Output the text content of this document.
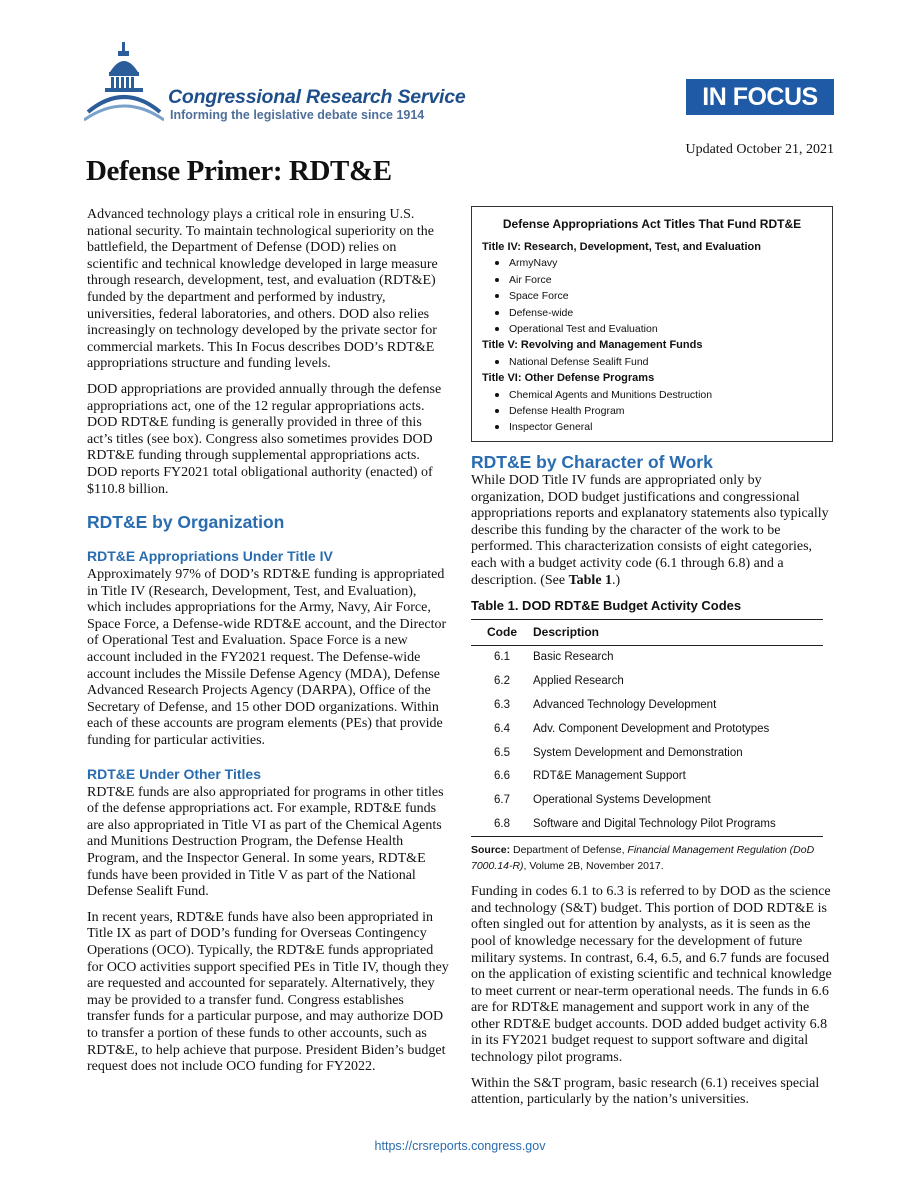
Congressional Research Service
Informing the legislative debate since 1914
IN FOCUS
Updated October 21, 2021
Defense Primer: RDT&E

Advanced technology plays a critical role in ensuring U.S. national security. To maintain technological superiority on the battlefield, the Department of Defense (DOD) relies on scientific and technical knowledge developed in large measure through research, development, test, and evaluation (RDT&E) funded by the department and performed by industry, universities, federal laboratories, and others. DOD also relies increasingly on technology developed by the private sector for commercial markets. This In Focus describes DOD’s RDT&E appropriations structure and funding levels.

DOD appropriations are provided annually through the defense appropriations act, one of the 12 regular appropriations acts. DOD RDT&E funding is generally provided in three of this act’s titles (see box). Congress also sometimes provides DOD RDT&E funding through supplemental appropriations acts. DOD reports FY2021 total obligational authority (enacted) of $110.8 billion.

RDT&E by Organization
RDT&E Appropriations Under Title IV

Approximately 97% of DOD’s RDT&E funding is appropriated in Title IV (Research, Development, Test, and Evaluation), which includes appropriations for the Army, Navy, Air Force, Space Force, a Defense-wide RDT&E account, and the Director of Operational Test and Evaluation. Space Force is a new account included in the FY2021 request. The Defense-wide account includes the Missile Defense Agency (MDA), Defense Advanced Research Projects Agency (DARPA), Office of the Secretary of Defense, and 15 other DOD organizations. Within each of these accounts are program elements (PEs) that provide funding for particular activities.

RDT&E Under Other Titles

RDT&E funds are also appropriated for programs in other titles of the defense appropriations act. For example, RDT&E funds are also appropriated in Title VI as part of the Chemical Agents and Munitions Destruction Program, the Defense Health Program, and the Inspector General. In some years, RDT&E funds have been provided in Title V as part of the National Defense Sealift Fund.

In recent years, RDT&E funds have also been appropriated in Title IX as part of DOD’s funding for Overseas Contingency Operations (OCO). Typically, the RDT&E funds appropriated for OCO activities support specified PEs in Title IV, though they are requested and accounted for separately. Alternatively, they may be provided to a transfer fund. Congress establishes transfer funds for a particular purpose, and may authorize DOD to transfer a portion of these funds to other accounts, such as RDT&E, to help achieve that purpose. President Biden’s budget request does not include OCO funding for FY2022.

Defense Appropriations Act Titles That Fund RDT&E
Title IV: Research, Development, Test, and Evaluation
ArmyNavy
Air Force
Space Force
Defense-wide
Operational Test and Evaluation
Title V: Revolving and Management Funds
National Defense Sealift Fund
Title VI: Other Defense Programs
Chemical Agents and Munitions Destruction
Defense Health Program
Inspector General
RDT&E by Character of Work

While DOD Title IV funds are appropriated only by organization, DOD budget justifications and congressional appropriations reports and explanatory statements also typically describe this funding by the character of the work to be performed. This characterization consists of eight categories, each with a budget activity code (6.1 through 6.8) and a description. (See Table 1.)

Table 1. DOD RDT&E Budget Activity Codes
Code	Description
6.1	Basic Research
6.2	Applied Research
6.3	Advanced Technology Development
6.4	Adv. Component Development and Prototypes
6.5	System Development and Demonstration
6.6	RDT&E Management Support
6.7	Operational Systems Development
6.8	Software and Digital Technology Pilot Programs
Source: Department of Defense, Financial Management Regulation (DoD 7000.14-R), Volume 2B, November 2017.

Funding in codes 6.1 to 6.3 is referred to by DOD as the science and technology (S&T) budget. This portion of DOD RDT&E is often singled out for attention by analysts, as it is seen as the pool of knowledge necessary for the development of future military systems. In contrast, 6.4, 6.5, and 6.7 funds are focused on the application of existing scientific and technical knowledge to meet current or near-term operational needs. The funds in 6.6 are for RDT&E management and support work in any of the other RDT&E budget accounts. DOD added budget activity 6.8 in its FY2021 budget request to support software and digital technology pilot programs.

Within the S&T program, basic research (6.1) receives special attention, particularly by the nation’s universities.

https://crsreports.congress.gov
